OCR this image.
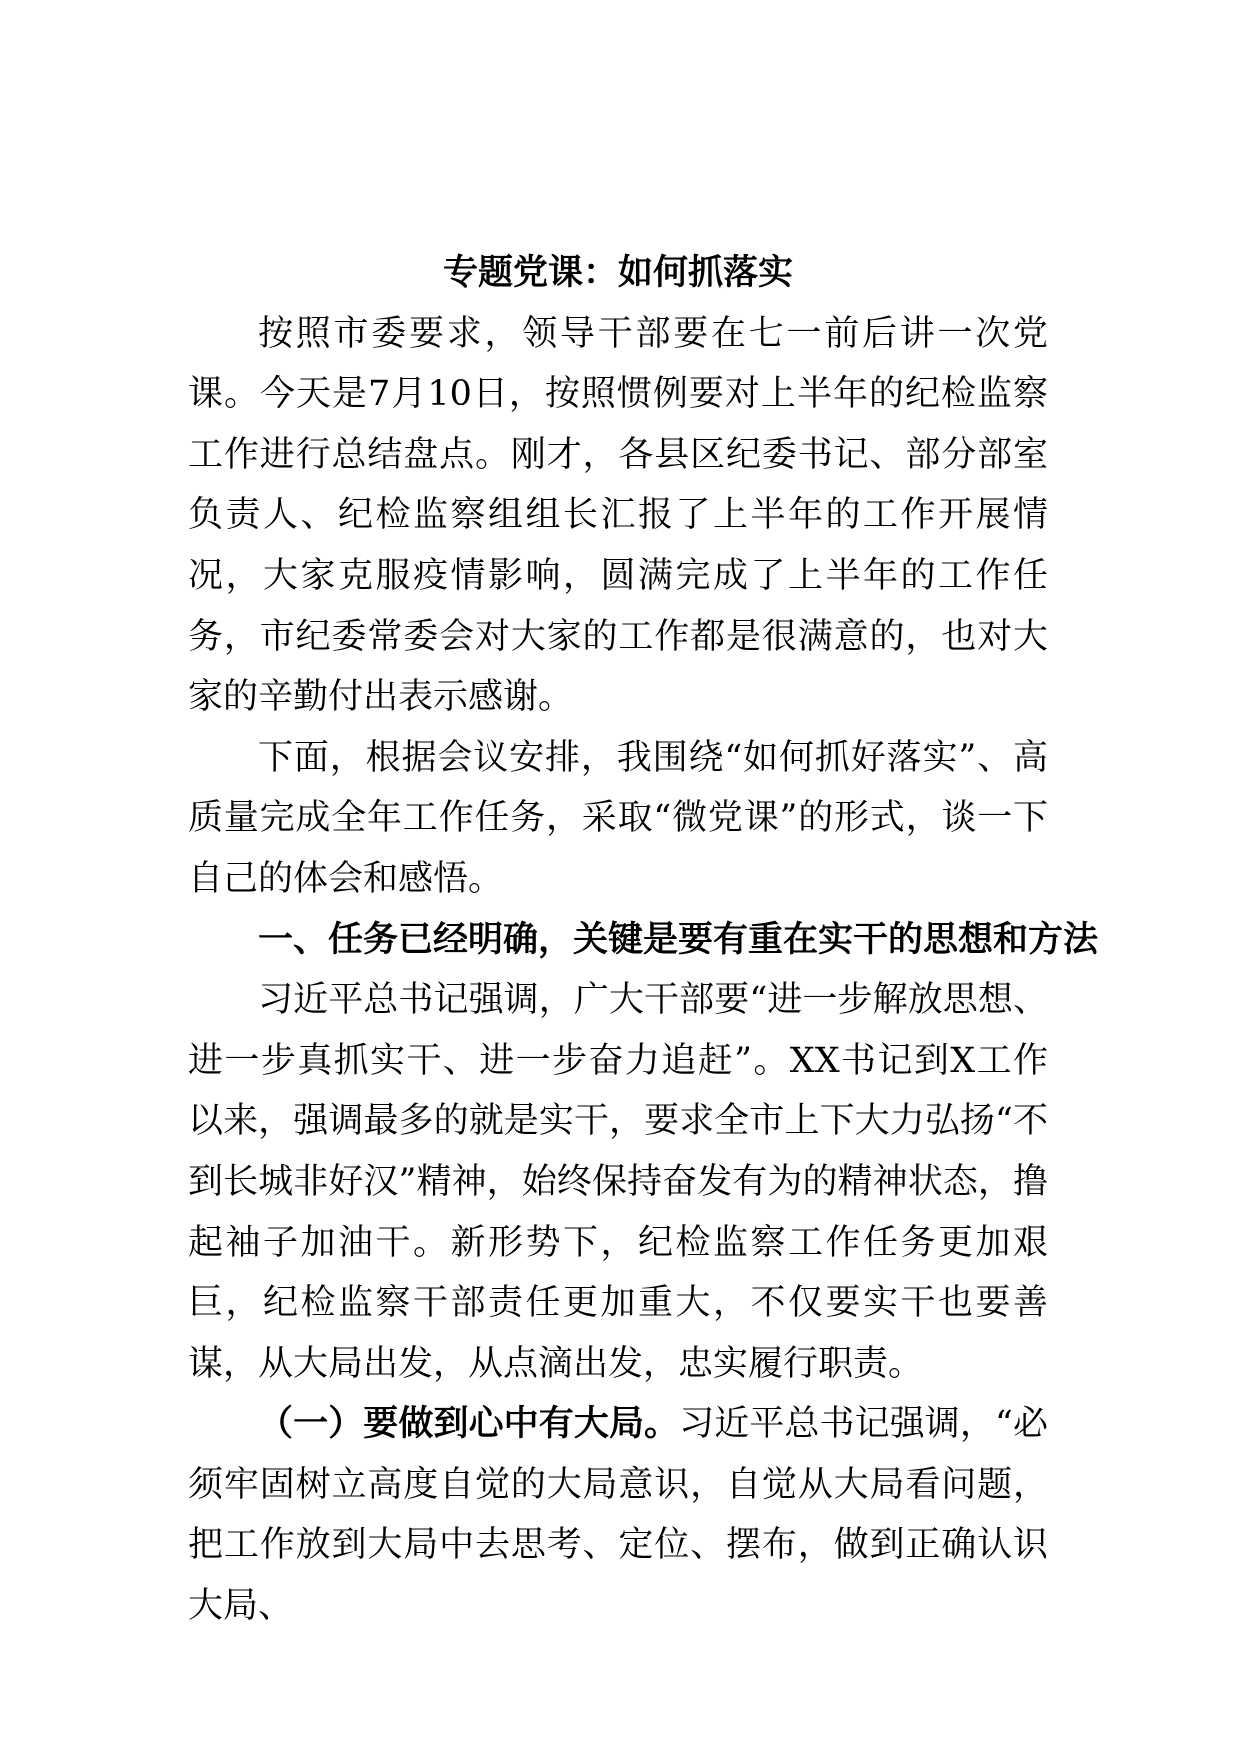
专题党课：如何抓落实

按照市委要求，领导干部要在七一前后讲一次党课。今天是7月10日，按照惯例要对上半年的纪检监察工作进行总结盘点。刚才，各县区纪委书记、部分部室负责人、纪检监察组组长汇报了上半年的工作开展情况，大家克服疫情影响，圆满完成了上半年的工作任务，市纪委常委会对大家的工作都是很满意的，也对大家的辛勤付出表示感谢。

下面，根据会议安排，我围绕“如何抓好落实”、高质量完成全年工作任务，采取“微党课”的形式，谈一下自己的体会和感悟。

一、任务已经明确，关键是要有重在实干的思想和方法

习近平总书记强调，广大干部要“进一步解放思想、进一步真抓实干、进一步奋力追赶”。XX书记到X工作以来，强调最多的就是实干，要求全市上下大力弘扬“不到长城非好汉”精神，始终保持奋发有为的精神状态，撸起袖子加油干。新形势下，纪检监察工作任务更加艰巨，纪检监察干部责任更加重大，不仅要实干也要善谋，从大局出发，从点滴出发，忠实履行职责。

（一）要做到心中有大局。习近平总书记强调，“必须牢固树立高度自觉的大局意识，自觉从大局看问题，把工作放到大局中去思考、定位、摆布，做到正确认识大局、
